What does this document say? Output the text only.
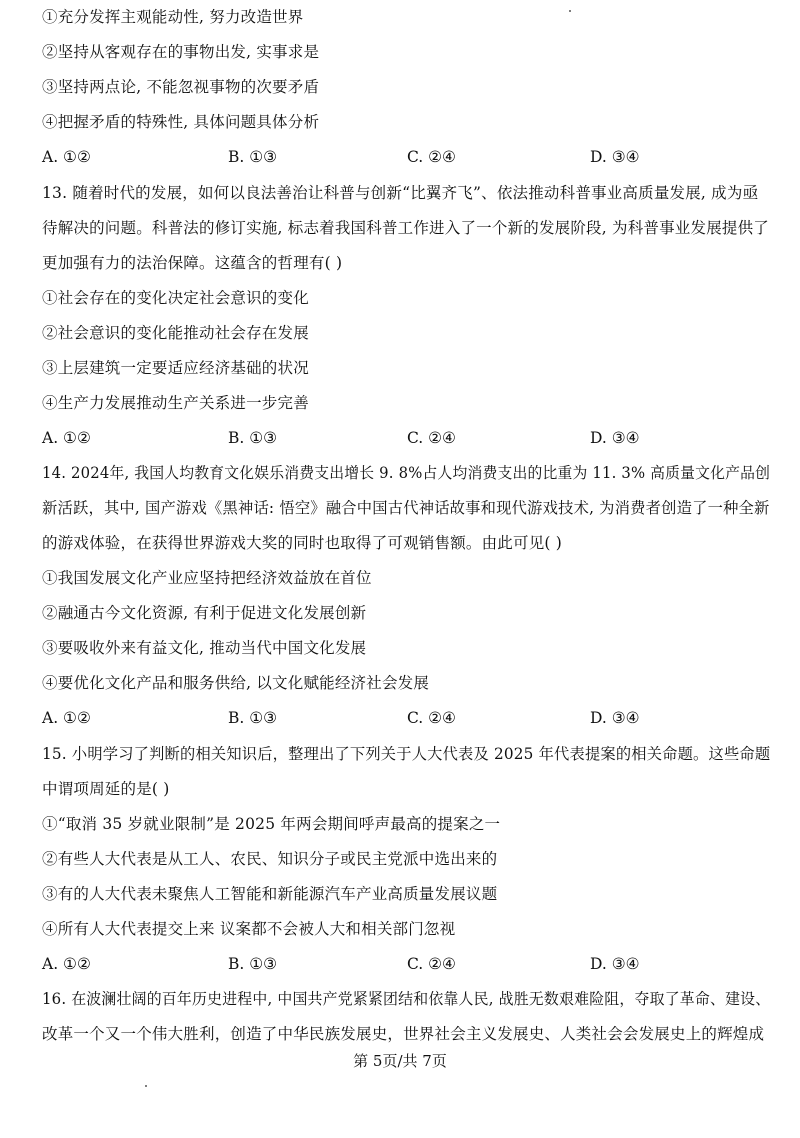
①充分发挥主观能动性, 努力改造世界
②坚持从客观存在的事物出发, 实事求是
③坚持两点论, 不能忽视事物的次要矛盾
④把握矛盾的特殊性, 具体问题具体分析
A. ①②	B. ①③	C. ②④	D. ③④
13. 随着时代的发展，如何以良法善治让科普与创新“比翼齐飞”、依法推动科普事业高质量发展, 成为亟
待解决的问题。科普法的修订实施, 标志着我国科普工作进入了一个新的发展阶段, 为科普事业发展提供了
更加强有力的法治保障。这蕴含的哲理有( )
①社会存在的变化决定社会意识的变化
②社会意识的变化能推动社会存在发展
③上层建筑一定要适应经济基础的状况
④生产力发展推动生产关系进一步完善
A. ①②	B. ①③	C. ②④	D. ③④
14. 2024年, 我国人均教育文化娱乐消费支出增长 9. 8%占人均消费支出的比重为 11. 3% 高质量文化产品创
新活跃，其中, 国产游戏《黑神话: 悟空》融合中国古代神话故事和现代游戏技术, 为消费者创造了一种全新
的游戏体验，在获得世界游戏大奖的同时也取得了可观销售额。由此可见( )
①我国发展文化产业应坚持把经济效益放在首位
②融通古今文化资源, 有利于促进文化发展创新
③要吸收外来有益文化, 推动当代中国文化发展
④要优化文化产品和服务供给, 以文化赋能经济社会发展
A. ①②	B. ①③	C. ②④	D. ③④
15. 小明学习了判断的相关知识后，整理出了下列关于人大代表及 2025 年代表提案的相关命题。这些命题
中谓项周延的是( )
①“取消 35 岁就业限制”是 2025 年两会期间呼声最高的提案之一
②有些人大代表是从工人、农民、知识分子或民主党派中选出来的
③有的人大代表未聚焦人工智能和新能源汽车产业高质量发展议题
④所有人大代表提交上来 议案都不会被人大和相关部门忽视
A. ①②	B. ①③	C. ②④	D. ③④
16. 在波澜壮阔的百年历史进程中, 中国共产党紧紧团结和依靠人民, 战胜无数艰难险阻，夺取了革命、建设、
改革一个又一个伟大胜利，创造了中华民族发展史，世界社会主义发展史、人类社会会发展史上的辉煌成
第 5页/共 7页
